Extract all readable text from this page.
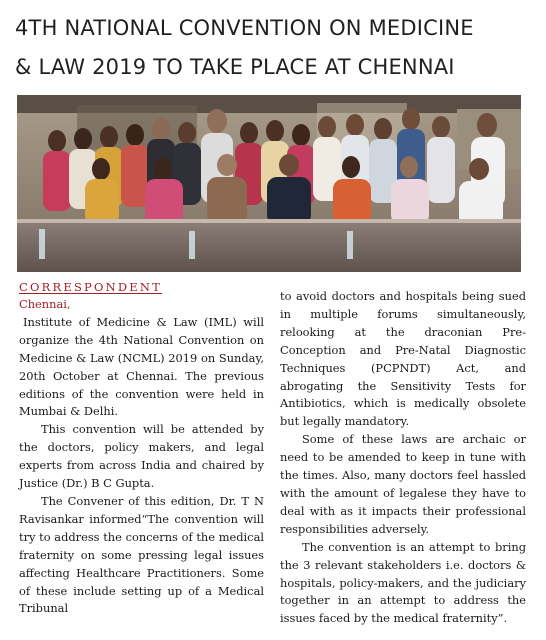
4TH NATIONAL CONVENTION ON MEDICINE
& LAW 2019 TO TAKE PLACE AT CHENNAI
CORRESPONDENT

Chennai,

Institute of Medicine & Law (IML) will organize the 4th National Convention on Medicine & Law (NCML) 2019 on Sunday, 20th October at Chennai. The previous editions of the convention were held in Mumbai & Delhi.

This convention will be attended by the doctors, policy makers, and legal experts from across India and chaired by Justice (Dr.) B C Gupta.

The Convener of this edition, Dr. T N Ravisankar informed“The convention will try to address the concerns of the medical fraternity on some pressing legal issues affecting Healthcare Practitioners. Some of these include setting up of a Medical Tribunal

to avoid doctors and hospitals being sued in multiple forums simultaneously, relooking at the draconian Pre-Conception and Pre-Natal Diagnostic Techniques (PCPNDT) Act, and abrogating the Sensitivity Tests for Antibiotics, which is medically obsolete but legally mandatory.

Some of these laws are archaic or need to be amended to keep in tune with the times. Also, many doctors feel hassled with the amount of legalese they have to deal with as it impacts their professional responsibilities adversely.

The convention is an attempt to bring the 3 relevant stakeholders i.e. doctors & hospitals, policy-makers, and the judiciary together in an attempt to address the issues faced by the medical fraternity”.
